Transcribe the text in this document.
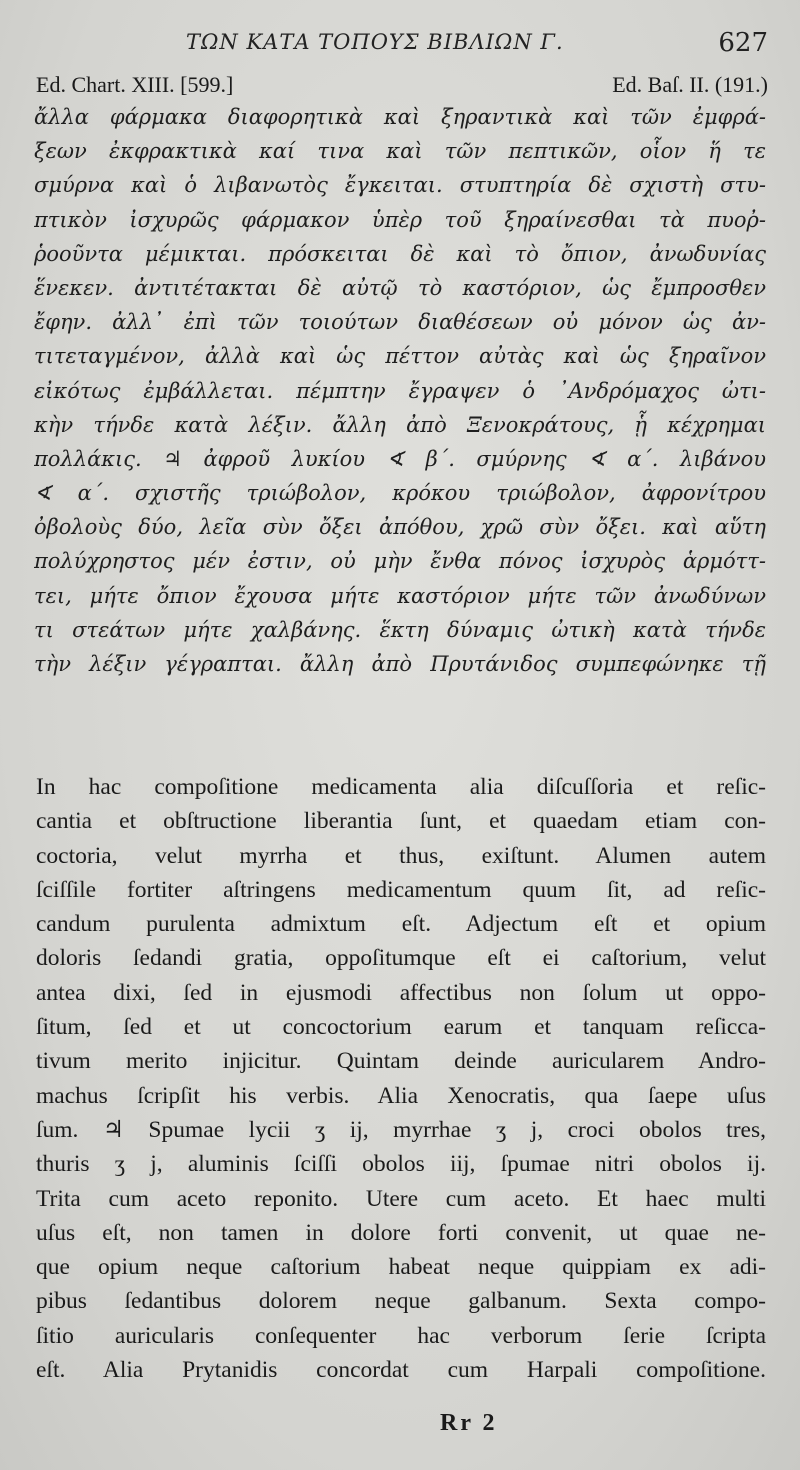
ΤΩΝ ΚΑΤΑ ΤΟΠΟΥΣ ΒΙΒΛΙΩΝ Γ.	627
Ed. Chart. XIII. [599.]	Ed. Baſ. II. (191.)
ἄλλα φάρμακα διαφορητικὰ καὶ ξηραντικὰ καὶ τῶν ἐμφρά-
ξεων ἐκφρακτικὰ καί τινα καὶ τῶν πεπτικῶν, οἷον ἥ τε
σμύρνα καὶ ὁ λιβανωτὸς ἔγκειται. στυπτηρία δὲ σχιστὴ στυ-
πτικὸν ἰσχυρῶς φάρμακον ὑπὲρ τοῦ ξηραίνεσθαι τὰ πυοῤ-
ῥοοῦντα μέμικται. πρόσκειται δὲ καὶ τὸ ὄπιον, ἀνωδυνίας
ἕνεκεν. ἀντιτέτακται δὲ αὐτῷ τὸ καστόριον, ὡς ἔμπροσθεν
ἔφην. ἀλλ᾽ ἐπὶ τῶν τοιούτων διαθέσεων οὐ μόνον ὡς ἀν-
τιτεταγμένον, ἀλλὰ καὶ ὡς πέττον αὐτὰς καὶ ὡς ξηραῖνον
εἰκότως ἐμβάλλεται. πέμπτην ἔγραψεν ὁ ᾽Ανδρόμαχος ὠτι-
κὴν τήνδε κατὰ λέξιν. ἄλλη ἀπὸ Ξενοκράτους, ᾗ κέχρημαι
πολλάκις. ♃ ἀφροῦ λυκίου ∢ β΄. σμύρνης ∢ α΄. λιβάνου
∢ α΄. σχιστῆς τριώβολον, κρόκου τριώβολον, ἀφρονίτρου
ὀβολοὺς δύο, λεῖα σὺν ὄξει ἀπόθου, χρῶ σὺν ὄξει. καὶ αὕτη
πολύχρηστος μέν ἐστιν, οὐ μὴν ἔνθα πόνος ἰσχυρὸς ἁρμόττ-
τει, μήτε ὄπιον ἔχουσα μήτε καστόριον μήτε τῶν ἀνωδύνων
τι στεάτων μήτε χαλβάνης. ἕκτη δύναμις ὠτικὴ κατὰ τήνδε
τὴν λέξιν γέγραπται. ἄλλη ἀπὸ Πρυτάνιδος συμπεφώνηκε τῇ
In hac compoſitione medicamenta alia diſcuſſoria et reſic-
cantia et obſtructione liberantia ſunt, et quaedam etiam con-
coctoria, velut myrrha et thus, exiſtunt. Alumen autem
ſciſſile fortiter aſtringens medicamentum quum ſit, ad reſic-
candum purulenta admixtum eſt. Adjectum eſt et opium
doloris ſedandi gratia, oppoſitumque eſt ei caſtorium, velut
antea dixi, ſed in ejusmodi affectibus non ſolum ut oppo-
ſitum, ſed et ut concoctorium earum et tanquam reſicca-
tivum merito injicitur. Quintam deinde auricularem Andro-
machus ſcripſit his verbis. Alia Xenocratis, qua ſaepe uſus
ſum. ♃ Spumae lycii ʒ ij, myrrhae ʒ j, croci obolos tres,
thuris ʒ j, aluminis ſciſſi obolos iij, ſpumae nitri obolos ij.
Trita cum aceto reponito. Utere cum aceto. Et haec multi
uſus eſt, non tamen in dolore forti convenit, ut quae ne-
que opium neque caſtorium habeat neque quippiam ex adi-
pibus ſedantibus dolorem neque galbanum. Sexta compo-
ſitio auricularis conſequenter hac verborum ſerie ſcripta
eſt. Alia Prytanidis concordat cum Harpali compoſitione.
Rr 2
